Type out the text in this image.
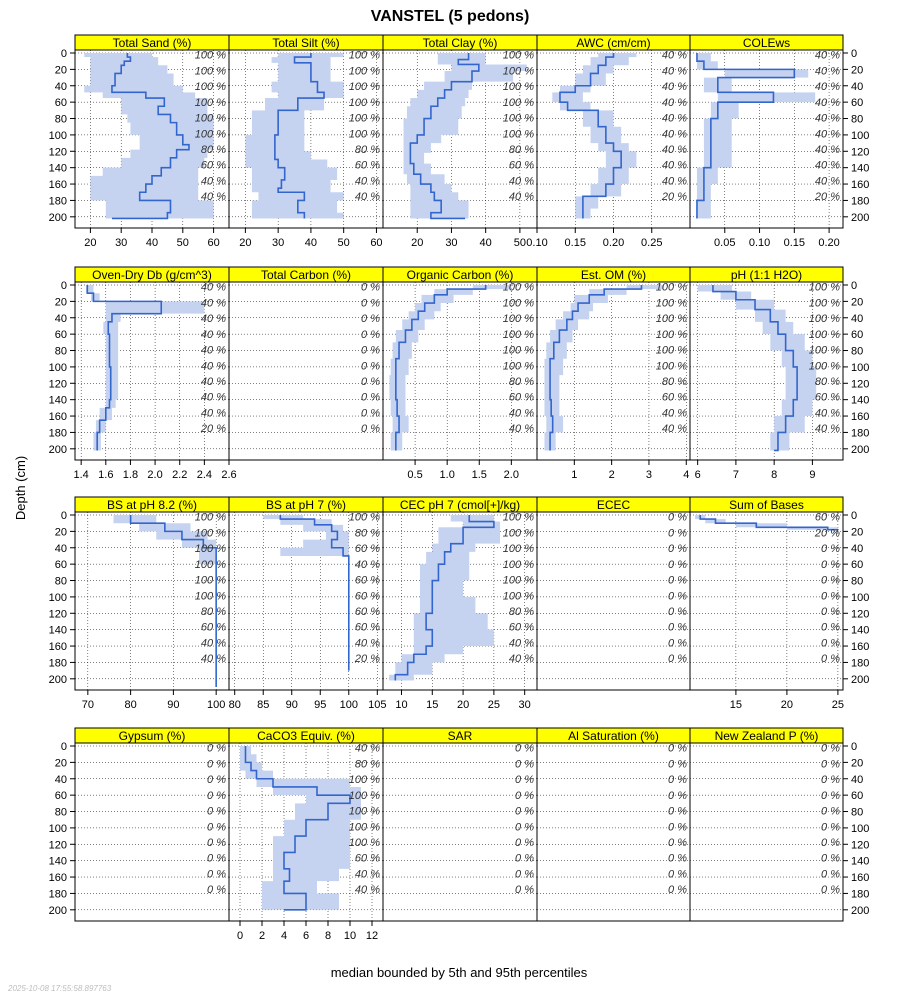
VANSTEL (5 pedons)
Total Sand (%)
100 %
100 %
100 %
100 %
100 %
100 %
80 %
60 %
40 %
40 %
20 30 40 50 60
0
20
40
60
80
100
120
140
160
180
200
Total Silt (%)
100 %
100 %
100 %
100 %
100 %
100 %
80 %
60 %
40 %
40 %
20 30 40 50 60
Total Clay (%)
100 %
100 %
100 %
100 %
100 %
100 %
80 %
60 %
40 %
40 %
20 30 40 50
AWC (cm/cm)
40 %
40 %
40 %
40 %
40 %
40 %
40 %
40 %
40 %
20 %
0.10 0.15 0.20 0.25
COLEws
40 %
40 %
40 %
40 %
40 %
40 %
40 %
40 %
40 %
20 %
0.05 0.10 0.15 0.20
0
20
40
60
80
100
120
140
160
180
200
Oven-Dry Db (g/cm^3)
40 %
40 %
40 %
40 %
40 %
40 %
40 %
40 %
40 %
20 %
1.4 1.6 1.8 2.0 2.2 2.4 2.6
0
20
40
60
80
100
120
140
160
180
200
Total Carbon (%)
0 %
0 %
0 %
0 %
0 %
0 %
0 %
0 %
0 %
0 %
Organic Carbon (%)
100 %
100 %
100 %
100 %
100 %
100 %
80 %
60 %
40 %
40 %
0.5 1.0 1.5 2.0
Est. OM (%)
100 %
100 %
100 %
100 %
100 %
100 %
80 %
60 %
40 %
40 %
1	2	3	4
pH (1:1 H2O)
100 %
100 %
100 %
100 %
100 %
100 %
80 %
60 %
40 %
40 %
6	7	8	9
0
20
40
60
80
100
120
140
160
180
200
BS at pH 8.2 (%)
100 %
100 %
100 %
100 %
100 %
100 %
80 %
60 %
40 %
40 %
70	80	90 100
0
20
40
60
80
100
120
140
160
180
200
BS at pH 7 (%)
100 %
80 %
60 %
40 %
60 %
60 %
60 %
60 %
40 %
20 %
80 85 90 95 100 105
CEC pH 7 (cmol[+]/kg)
100 %
100 %
100 %
100 %
100 %
100 %
80 %
60 %
40 %
40 %
10 15 20 25 30
ECEC
0 %
0 %
0 %
0 %
0 %
0 %
0 %
0 %
0 %
0 %
Sum of Bases
60 %
20 %
0 %
0 %
0 %
0 %
0 %
0 %
0 %
0 %
15	20	25
0
20
40
60
80
100
120
140
160
180
200
Gypsum (%)
0 %
0 %
0 %
0 %
0 %
0 %
0 %
0 %
0 %
0 %
0
20
40
60
80
100
120
140
160
180
200
CaCO3 Equiv. (%)
40 %
80 %
100 %
100 %
100 %
100 %
100 %
60 %
40 %
40 %
0 2 4 6 8 10 12
SAR
0 %
0 %
0 %
0 %
0 %
0 %
0 %
0 %
0 %
0 %
Al Saturation (%)
0 %
0 %
0 %
0 %
0 %
0 %
0 %
0 %
0 %
0 %
New Zealand P (%)
0 %
0 %
0 %
0 %
0 %
0 %
0 %
0 %
0 %
0 %
0
20
40
60
80
100
120
140
160
180
200
Depth (cm)
median bounded by 5th and 95th percentiles
2025-10-08 17:55:58.897763
